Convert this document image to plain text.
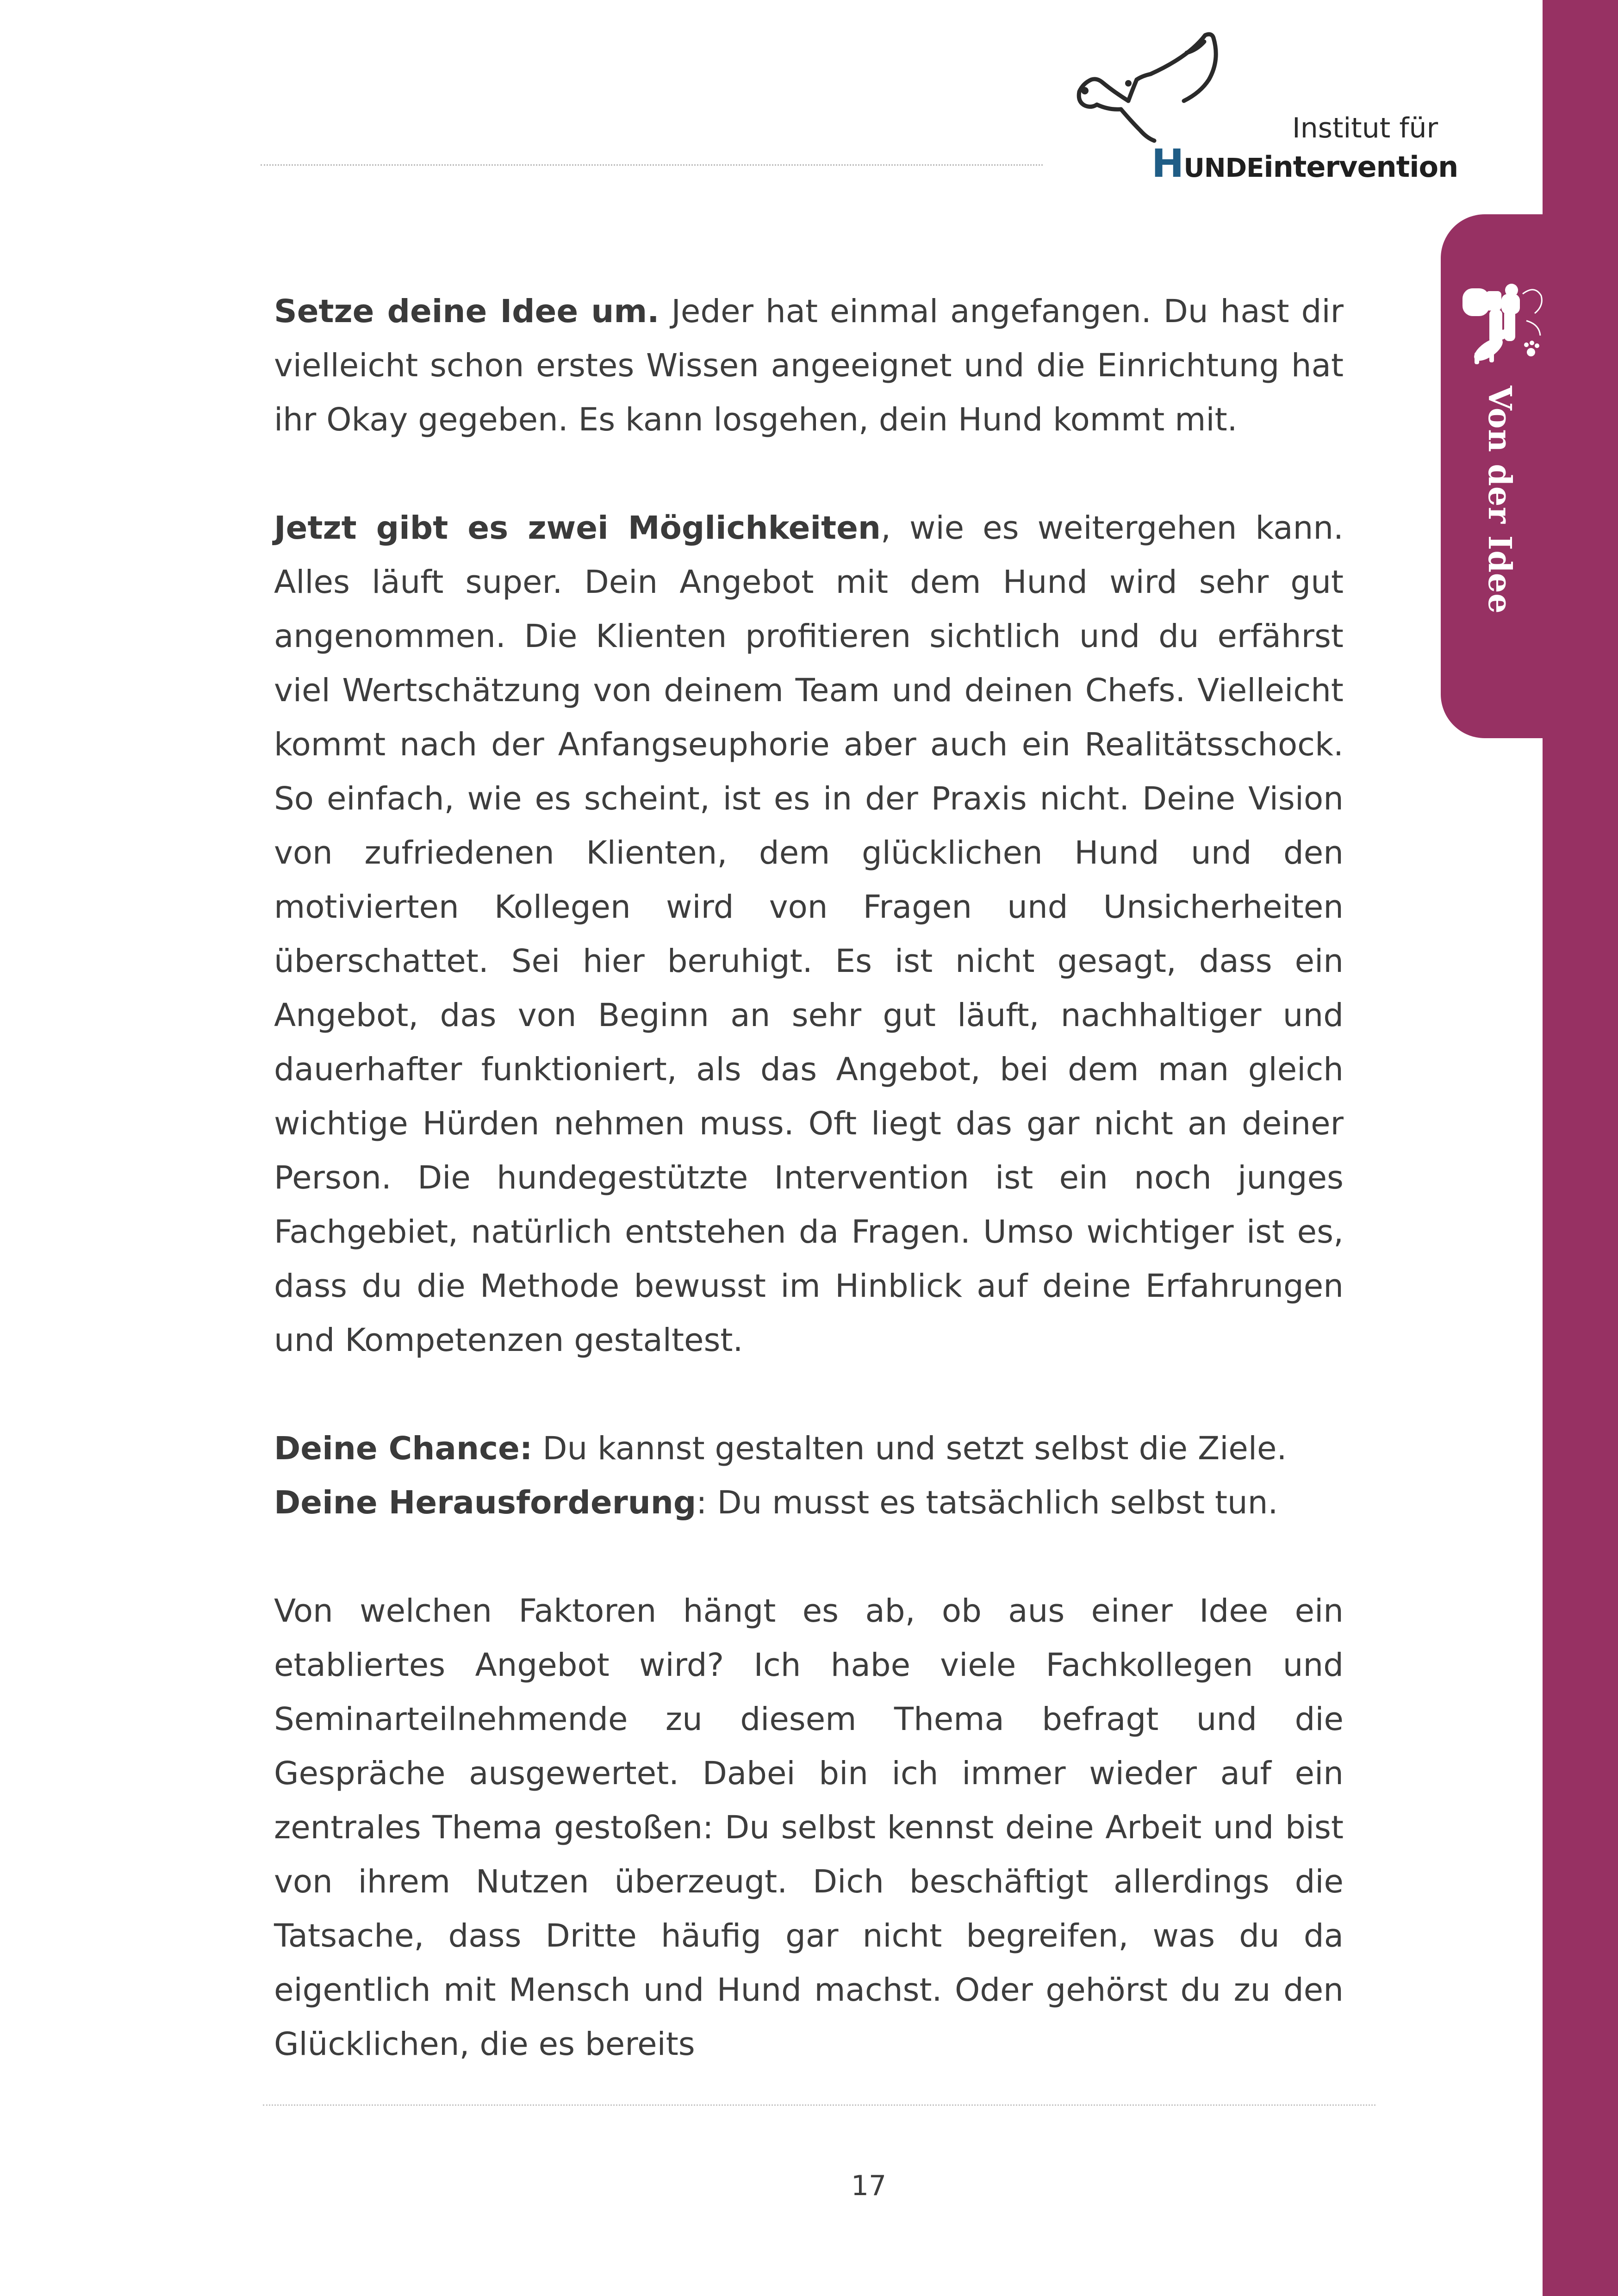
Von der Idee
Institut für
HUNDEintervention

Setze deine Idee um. Jeder hat einmal angefangen. Du hast dir vielleicht schon erstes Wissen angeeignet und die Einrichtung hat ihr Okay gegeben. Es kann losgehen, dein Hund kommt mit.

Jetzt gibt es zwei Möglichkeiten, wie es weitergehen kann. Alles läuft super. Dein Angebot mit dem Hund wird sehr gut angenommen. Die Klienten profitieren sichtlich und du erfährst viel Wertschätzung von deinem Team und deinen Chefs. Vielleicht kommt nach der Anfangseuphorie aber auch ein Realitätsschock. So einfach, wie es scheint, ist es in der Praxis nicht. Deine Vision von zufriedenen Klienten, dem glücklichen Hund und den motivierten Kollegen wird von Fragen und Unsicherheiten überschattet. Sei hier beruhigt. Es ist nicht gesagt, dass ein Angebot, das von Beginn an sehr gut läuft, nachhaltiger und dauerhafter funktioniert, als das Angebot, bei dem man gleich wichtige Hürden nehmen muss. Oft liegt das gar nicht an deiner Person. Die hundegestützte Intervention ist ein noch junges Fachgebiet, natürlich entstehen da Fragen. Umso wichtiger ist es, dass du die Methode bewusst im Hinblick auf deine Erfahrungen und Kompetenzen gestaltest.

Deine Chance: Du kannst gestalten und setzt selbst die Ziele.

Deine Herausforderung: Du musst es tatsächlich selbst tun.

Von welchen Faktoren hängt es ab, ob aus einer Idee ein etabliertes Angebot wird? Ich habe viele Fachkollegen und Seminarteilnehmende zu diesem Thema befragt und die Gespräche ausgewertet. Dabei bin ich immer wieder auf ein zentrales Thema gestoßen: Du selbst kennst deine Arbeit und bist von ihrem Nutzen überzeugt. Dich beschäftigt allerdings die Tatsache, dass Dritte häufig gar nicht begreifen, was du da eigentlich mit Mensch und Hund machst. Oder gehörst du zu den Glücklichen, die es bereits

17
